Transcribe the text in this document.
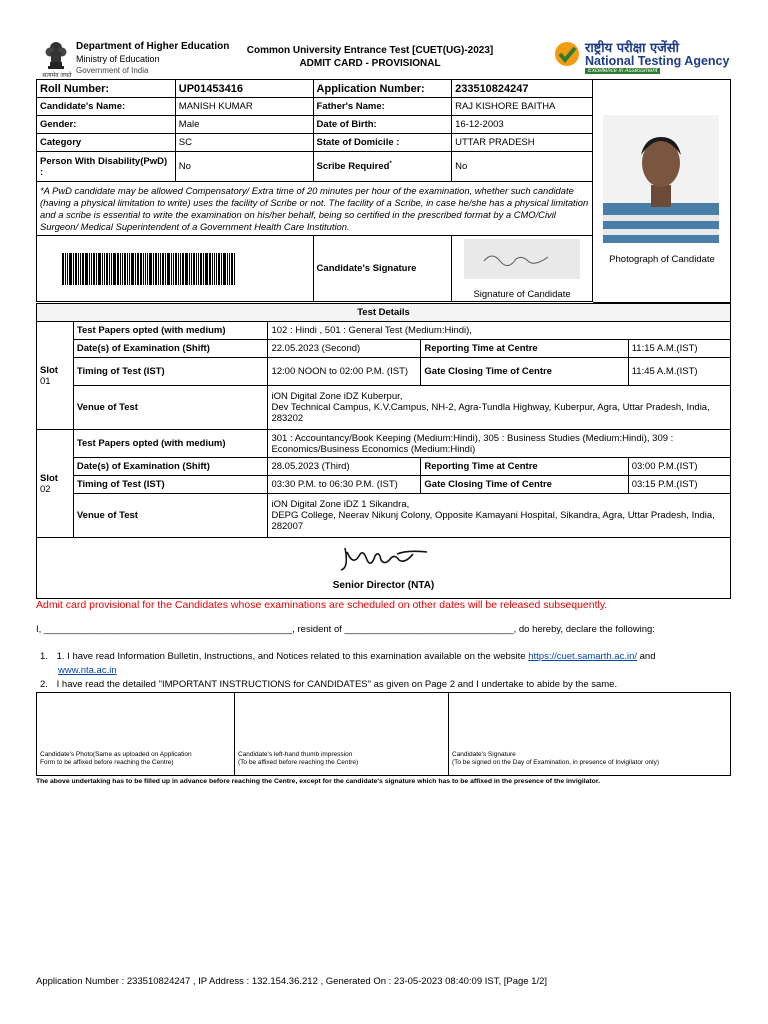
सत्यमेव जयते
Department of Higher Education
Ministry of Education
Government of India
Common University Entrance Test [CUET(UG)-2023]
ADMIT CARD - PROVISIONAL
राष्ट्रीय परीक्षा एजेंसी
National Testing Agency
Excellence in Assessment
Roll Number:	UP01453416	Application Number:	233510824247
Candidate's Name:	MANISH KUMAR	Father's Name:	RAJ KISHORE BAITHA
Gender:	Male	Date of Birth:	16-12-2003
Category	SC	State of Domicile :	UTTAR PRADESH
Person With Disability(PwD) :	No	Scribe Required*	No
*A PwD candidate may be allowed Compensatory/ Extra time of 20 minutes per hour of the examination, whether such candidate (having a physical limitation to write) uses the facility of Scribe or not. The facility of a Scribe, in case he/she has a physical limitation and a scribe is essential to write the examination on his/her behalf, being so certified in the prescribed format by a CMO/Civil Surgeon/ Medical Superintendent of a Government Health Care Institution.			

		Candidate's Signature	Signature of Candidate
Photograph of Candidate
Test Details				

Slot
01	Test Papers opted (with medium)	102 : Hindi , 501 : General Test (Medium:Hindi),		
	Date(s) of Examination (Shift)	22.05.2023 (Second)	Reporting Time at Centre	11:15 A.M.(IST)
	Timing of Test (IST)	12:00 NOON to 02:00 P.M. (IST)	Gate Closing Time of Centre	11:45 A.M.(IST)
	Venue of Test	iON Digital Zone iDZ Kuberpur,
Dev Technical Campus, K.V.Campus, NH-2, Agra-Tundla Highway, Kuberpur, Agra, Uttar Pradesh, India, 283202		

Slot
02	Test Papers opted (with medium)	301 : Accountancy/Book Keeping (Medium:Hindi), 305 : Business Studies (Medium:Hindi), 309 : Economics/Business Economics (Medium:Hindi)		
	Date(s) of Examination (Shift)	28.05.2023 (Third)	Reporting Time at Centre	03:00 P.M.(IST)
	Timing of Test (IST)	03:30 P.M. to 06:30 P.M. (IST)	Gate Closing Time of Centre	03:15 P.M.(IST)
	Venue of Test	iON Digital Zone iDZ 1 Sikandra,
DEPG College, Neerav Nikunj Colony, Opposite Kamayani Hospital, Sikandra, Agra, Uttar Pradesh, India, 282007		
Senior Director (NTA)
Admit card provisional for the Candidates whose examinations are scheduled on other dates will be released subsequently.
I, _______________________________________________, resident of ________________________________, do hereby, declare the following:
1. 1. I have read Information Bulletin, Instructions, and Notices related to this examination available on the website https://cuet.samarth.ac.in/ and
www.nta.ac.in
2. I have read the detailed "IMPORTANT INSTRUCTIONS for CANDIDATES" as given on Page 2 and I undertake to abide by the same.
Candidate's Photo(Same as uploaded on Application
Form to be affixed before reaching the Centre)
Candidate's left-hand thumb impression
(To be affixed before reaching the Centre)
Candidate's Signature
(To be signed on the Day of Examination, in presence of Invigilator only)
The above undertaking has to be filled up in advance before reaching the Centre, except for the candidate's signature which has to be affixed in the presence of the invigilator.
Application Number : 233510824247 , IP Address : 132.154.36.212 , Generated On : 23-05-2023 08:40:09 IST, [Page 1/2]
